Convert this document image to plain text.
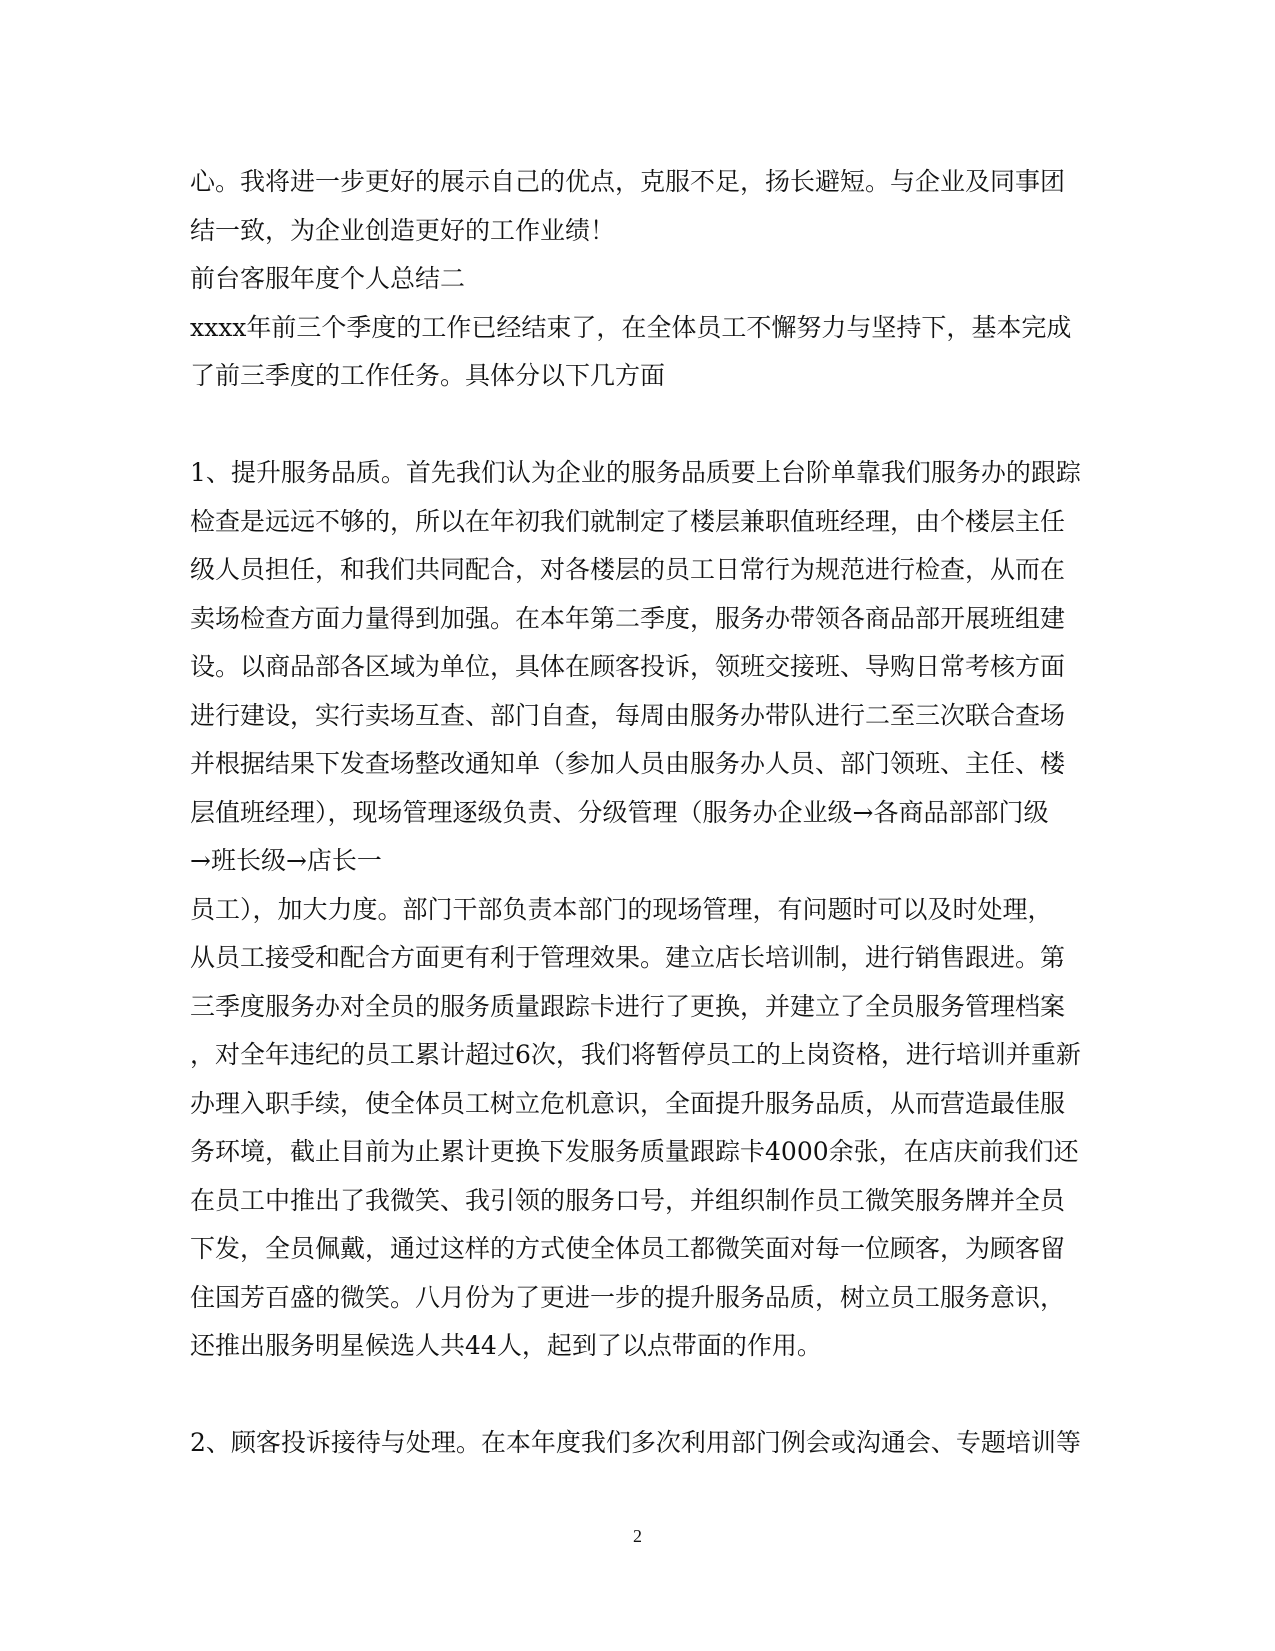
心。我将进一步更好的展示自己的优点，克服不足，扬长避短。与企业及同事团
结一致，为企业创造更好的工作业绩！
前台客服年度个人总结二
xxxx年前三个季度的工作已经结束了，在全体员工不懈努力与坚持下，基本完成
了前三季度的工作任务。具体分以下几方面
1、提升服务品质。首先我们认为企业的服务品质要上台阶单靠我们服务办的跟踪
检查是远远不够的，所以在年初我们就制定了楼层兼职值班经理，由个楼层主任
级人员担任，和我们共同配合，对各楼层的员工日常行为规范进行检查，从而在
卖场检查方面力量得到加强。在本年第二季度，服务办带领各商品部开展班组建
设。以商品部各区域为单位，具体在顾客投诉，领班交接班、导购日常考核方面
进行建设，实行卖场互查、部门自查，每周由服务办带队进行二至三次联合查场
并根据结果下发查场整改通知单（参加人员由服务办人员、部门领班、主任、楼
层值班经理），现场管理逐级负责、分级管理（服务办企业级→各商品部部门级
→班长级→店长一
员工），加大力度。部门干部负责本部门的现场管理，有问题时可以及时处理，
从员工接受和配合方面更有利于管理效果。建立店长培训制，进行销售跟进。第
三季度服务办对全员的服务质量跟踪卡进行了更换，并建立了全员服务管理档案
，对全年违纪的员工累计超过6次，我们将暂停员工的上岗资格，进行培训并重新
办理入职手续，使全体员工树立危机意识，全面提升服务品质，从而营造最佳服
务环境，截止目前为止累计更换下发服务质量跟踪卡4000余张，在店庆前我们还
在员工中推出了我微笑、我引领的服务口号，并组织制作员工微笑服务牌并全员
下发，全员佩戴，通过这样的方式使全体员工都微笑面对每一位顾客，为顾客留
住国芳百盛的微笑。八月份为了更进一步的提升服务品质，树立员工服务意识，
还推出服务明星候选人共44人，起到了以点带面的作用。
2、顾客投诉接待与处理。在本年度我们多次利用部门例会或沟通会、专题培训等
2
